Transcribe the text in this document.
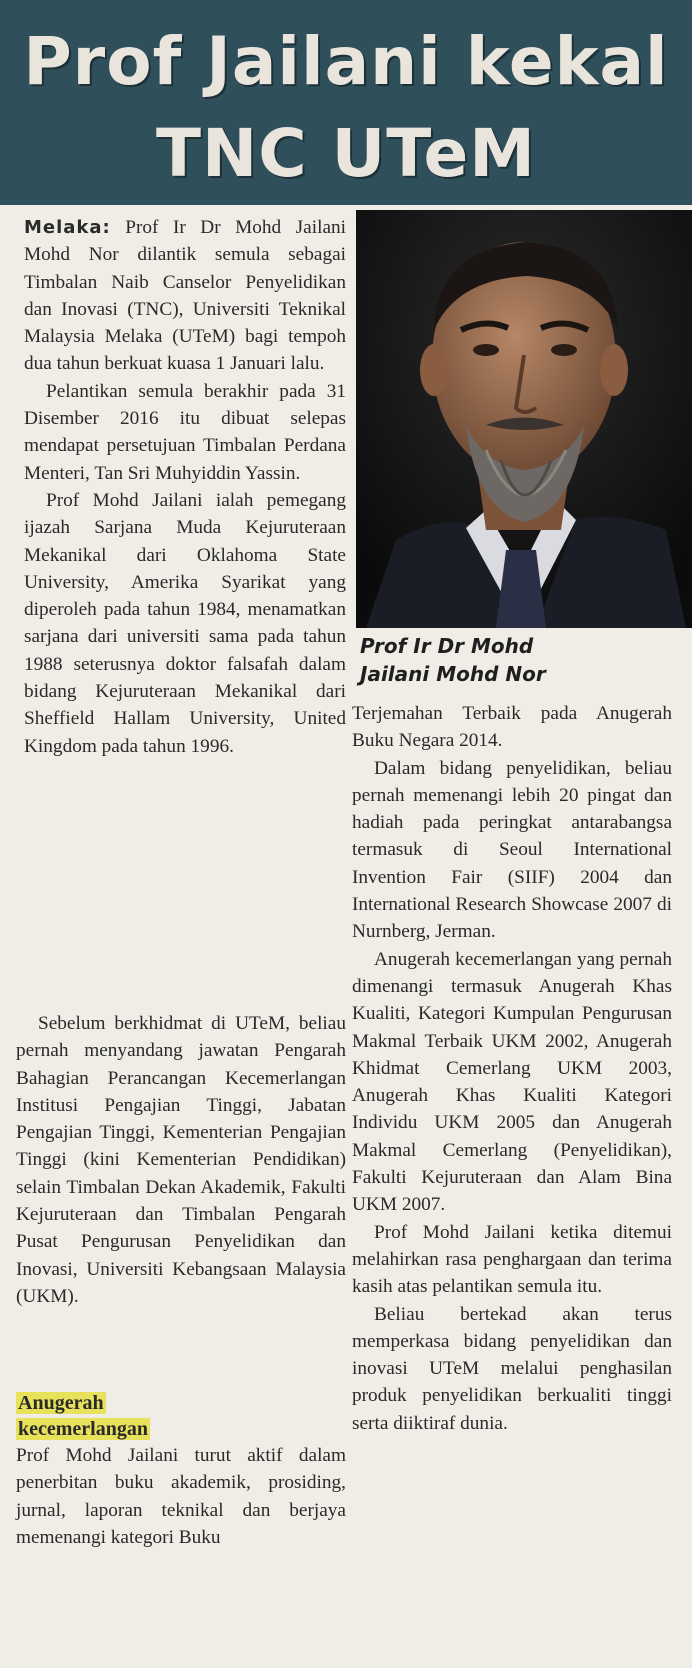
Prof Jailani kekal
TNC UTeM
Prof Ir Dr Mohd
Jailani Mohd Nor

Melaka: Prof Ir Dr Mohd Jailani Mohd Nor dilantik semula sebagai Timbalan Naib Canselor Penyelidikan dan Inovasi (TNC), Universiti Teknikal Malaysia Melaka (UTeM) bagi tempoh dua tahun berkuat kuasa 1 Januari lalu.

Pelantikan semula berakhir pada 31 Disember 2016 itu dibuat selepas mendapat persetujuan Timbalan Perdana Menteri, Tan Sri Muhyiddin Yassin.

Prof Mohd Jailani ialah pemegang ijazah Sarjana Muda Kejuruteraan Mekanikal dari Oklahoma State University, Amerika Syarikat yang diperoleh pada tahun 1984, menamatkan sarjana dari universiti sama pada tahun 1988 seterusnya doktor falsafah dalam bidang Kejuruteraan Mekanikal dari Sheffield Hallam University, United Kingdom pada tahun 1996.

Sebelum berkhidmat di UTeM, beliau pernah menyandang jawatan Pengarah Bahagian Perancangan Kecemerlangan Institusi Pengajian Tinggi, Jabatan Pengajian Tinggi, Kementerian Pengajian Tinggi (kini Kementerian Pendidikan) selain Timbalan Dekan Akademik, Fakulti Kejuruteraan dan Timbalan Pengarah Pusat Pengurusan Penyelidikan dan Inovasi, Universiti Kebangsaan Malaysia (UKM).

Anugerah kecemerlangan

Prof Mohd Jailani turut aktif dalam penerbitan buku akademik, prosiding, jurnal, laporan teknikal dan berjaya memenangi kategori Buku

Terjemahan Terbaik pada Anugerah Buku Negara 2014.

Dalam bidang penyelidikan, beliau pernah memenangi lebih 20 pingat dan hadiah pada peringkat antarabangsa termasuk di Seoul International Invention Fair (SIIF) 2004 dan International Research Showcase 2007 di Nurnberg, Jerman.

Anugerah kecemerlangan yang pernah dimenangi termasuk Anugerah Khas Kualiti, Kategori Kumpulan Pengurusan Makmal Terbaik UKM 2002, Anugerah Khidmat Cemerlang UKM 2003, Anugerah Khas Kualiti Kategori Individu UKM 2005 dan Anugerah Makmal Cemerlang (Penyelidikan), Fakulti Kejuruteraan dan Alam Bina UKM 2007.

Prof Mohd Jailani ketika ditemui melahirkan rasa penghargaan dan terima kasih atas pelantikan semula itu.

Beliau bertekad akan terus memperkasa bidang penyelidikan dan inovasi UTeM melalui penghasilan produk penyelidikan berkualiti tinggi serta diiktiraf dunia.
